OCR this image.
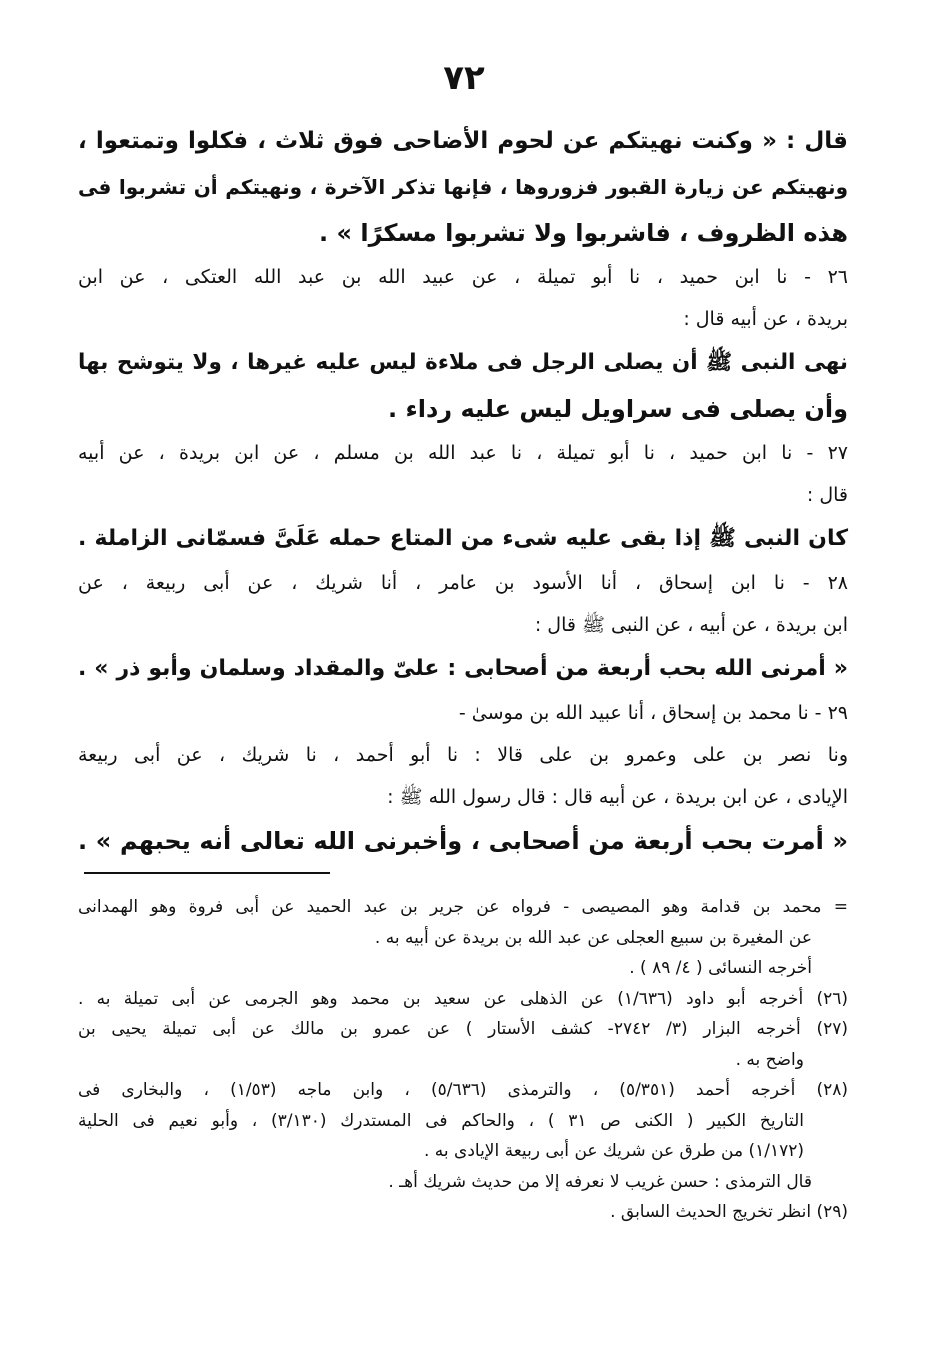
٧٢
قال : « وكنت نهيتكم عن لحوم الأضاحى فوق ثلاث ، فكلوا وتمتعوا ،
ونهيتكم عن زيارة القبور فزوروها ، فإنها تذكر الآخرة ، ونهيتكم أن تشربوا فى
هذه الظروف ، فاشربوا ولا تشربوا مسكرًا » .
٢٦ - نا ابن حميد ، نا أبو تميلة ، عن عبيد الله بن عبد الله العتكى ، عن ابن
بريدة ، عن أبيه قال :
نهى النبى ﷺ أن يصلى الرجل فى ملاءة ليس عليه غيرها ، ولا يتوشح بها
وأن يصلى فى سراويل ليس عليه رداء .
٢٧ - نا ابن حميد ، نا أبو تميلة ، نا عبد الله بن مسلم ، عن ابن بريدة ، عن أبيه
قال :
كان النبى ﷺ إذا بقى عليه شىء من المتاع حمله عَلَىَّ فسمّانى الزاملة .
٢٨ - نا ابن إسحاق ، أنا الأسود بن عامر ، أنا شريك ، عن أبى ربيعة ، عن
ابن بريدة ، عن أبيه ، عن النبى ﷺ قال :
« أمرنى الله بحب أربعة من أصحابى : علىّ والمقداد وسلمان وأبو ذر » .
٢٩ - نا محمد بن إسحاق ، أنا عبيد الله بن موسىٰ -
ونا نصر بن على وعمرو بن على قالا : نا أبو أحمد ، نا شريك ، عن أبى ربيعة
الإيادى ، عن ابن بريدة ، عن أبيه قال : قال رسول الله ﷺ :
« أمرت بحب أربعة من أصحابى ، وأخبرنى الله تعالى أنه يحبهم » .
= محمد بن قدامة وهو المصيصى - فرواه عن جرير بن عبد الحميد عن أبى فروة وهو الهمدانى
عن المغيرة بن سبيع العجلى عن عبد الله بن بريدة عن أبيه به .
أخرجه النسائى ( ٤/ ٨٩ ) .
(٢٦) أخرجه أبو داود (١/٦٣٦) عن الذهلى عن سعيد بن محمد وهو الجرمى عن أبى تميلة به .
(٢٧) أخرجه البزار (٣/ ٢٧٤٢- كشف الأستار ) عن عمرو بن مالك عن أبى تميلة يحيى بن
واضح به .
(٢٨) أخرجه أحمد (٥/٣٥١) ، والترمذى (٥/٦٣٦) ، وابن ماجه (١/٥٣) ، والبخارى فى
التاريخ الكبير ( الكنى ص ٣١ ) ، والحاكم فى المستدرك (٣/١٣٠) ، وأبو نعيم فى الحلية
(١/١٧٢) من طرق عن شريك عن أبى ربيعة الإيادى به .
قال الترمذى : حسن غريب لا نعرفه إلا من حديث شريك أهـ .
(٢٩) انظر تخريج الحديث السابق .
